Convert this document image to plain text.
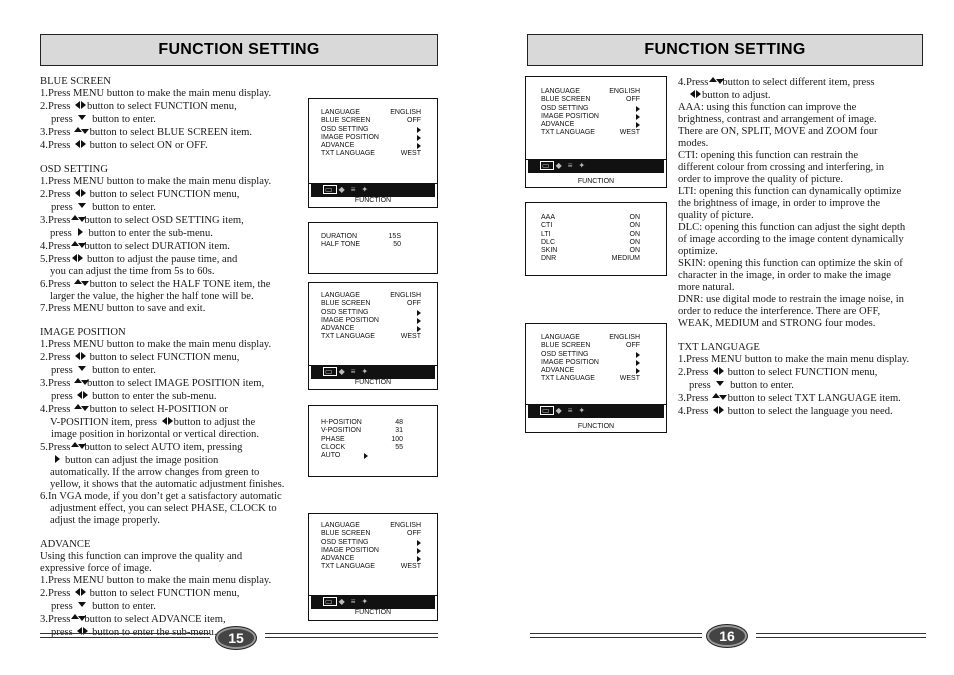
FUNCTION SETTING
BLUE SCREEN
1.Press MENU button to make the main menu display.
2.Press button to select FUNCTION menu,
press button to enter.
3.Press button to select BLUE SCREEN item.
4.Press button to select ON or OFF.
OSD SETTING
1.Press MENU button to make the main menu display.
2.Press button to select FUNCTION menu,
press button to enter.
3.Press button to select OSD SETTING item,
press button to enter the sub-menu.
4.Press button to select DURATION item.
5.Press button to adjust the pause time, and
you can adjust the time from 5s to 60s.
6.Press button to select the HALF TONE item, the
larger the value, the higher the half tone will be.
7.Press MENU button to save and exit.
IMAGE POSITION
1.Press MENU button to make the main menu display.
2.Press button to select FUNCTION menu,
press button to enter.
3.Press button to select IMAGE POSITION item,
press button to enter the sub-menu.
4.Press button to select H-POSITION or
V-POSITION item, press button to adjust the
image position in horizontal or vertical direction.
5.Press button to select AUTO item, pressing
button can adjust the image position
automatically. If the arrow changes from green to
yellow, it shows that the automatic adjustment finishes.
6.In VGA mode, if you don’t get a satisfactory automatic
adjustment effect, you can select PHASE, CLOCK to
adjust the image properly.
ADVANCE
Using this function can improve the quality and
expressive force of image.
1.Press MENU button to make the main menu display.
2.Press button to select FUNCTION menu,
press button to enter.
3.Press button to select ADVANCE item,
press button to enter the sub-menu.
LANGUAGE	ENGLISH
BLUE SCREEN	OFF
OSD SETTING
IMAGE POSITION
ADVANCE
TXT LANGUAGE	WEST
▭ ◆ ≡ ✦
FUNCTION
DURATION	15S
HALF TONE	50
LANGUAGE	ENGLISH
BLUE SCREEN	OFF
OSD SETTING
IMAGE POSITION
ADVANCE
TXT LANGUAGE	WEST
▭ ◆ ≡ ✦
FUNCTION
H-POSITION	48
V-POSITION	31
PHASE	100
CLOCK	55
AUTO
LANGUAGE	ENGLISH
BLUE SCREEN	OFF
OSD SETTING
IMAGE POSITION
ADVANCE
TXT LANGUAGE	WEST
▭ ◆ ≡ ✦
FUNCTION
15
FUNCTION SETTING
LANGUAGE	ENGLISH
BLUE SCREEN	OFF
OSD SETTING
IMAGE POSITION
ADVANCE
TXT LANGUAGE	WEST
▭ ◆ ≡ ✦
FUNCTION
AAA	ON
CTI	ON
LTI	ON
DLC	ON
SKIN	ON
DNR	MEDIUM
LANGUAGE	ENGLISH
BLUE SCREEN	OFF
OSD SETTING
IMAGE POSITION
ADVANCE
TXT LANGUAGE	WEST
▭ ◆ ≡ ✦
FUNCTION
4.Press button to select different item, press
button to adjust.
AAA: using this function can improve the
brightness, contrast and arrangement of image.
There are ON, SPLIT, MOVE and ZOOM four
modes.
CTI: opening this function can restrain the
different colour from crossing and interfering, in
order to improve the quality of picture.
LTI: opening this function can dynamically optimize
the brightness of image, in order to improve the
quality of picture.
DLC: opening this function can adjust the sight depth
of image according to the image content dynamically
optimize.
SKIN: opening this function can optimize the skin of
character in the image, in order to make the image
more natural.
DNR: use digital mode to restrain the image noise, in
order to reduce the interference. There are OFF,
WEAK, MEDIUM and STRONG four modes.
TXT LANGUAGE
1.Press MENU button to make the main menu display.
2.Press button to select FUNCTION menu,
press button to enter.
3.Press button to select TXT LANGUAGE item.
4.Press button to select the language you need.
16
